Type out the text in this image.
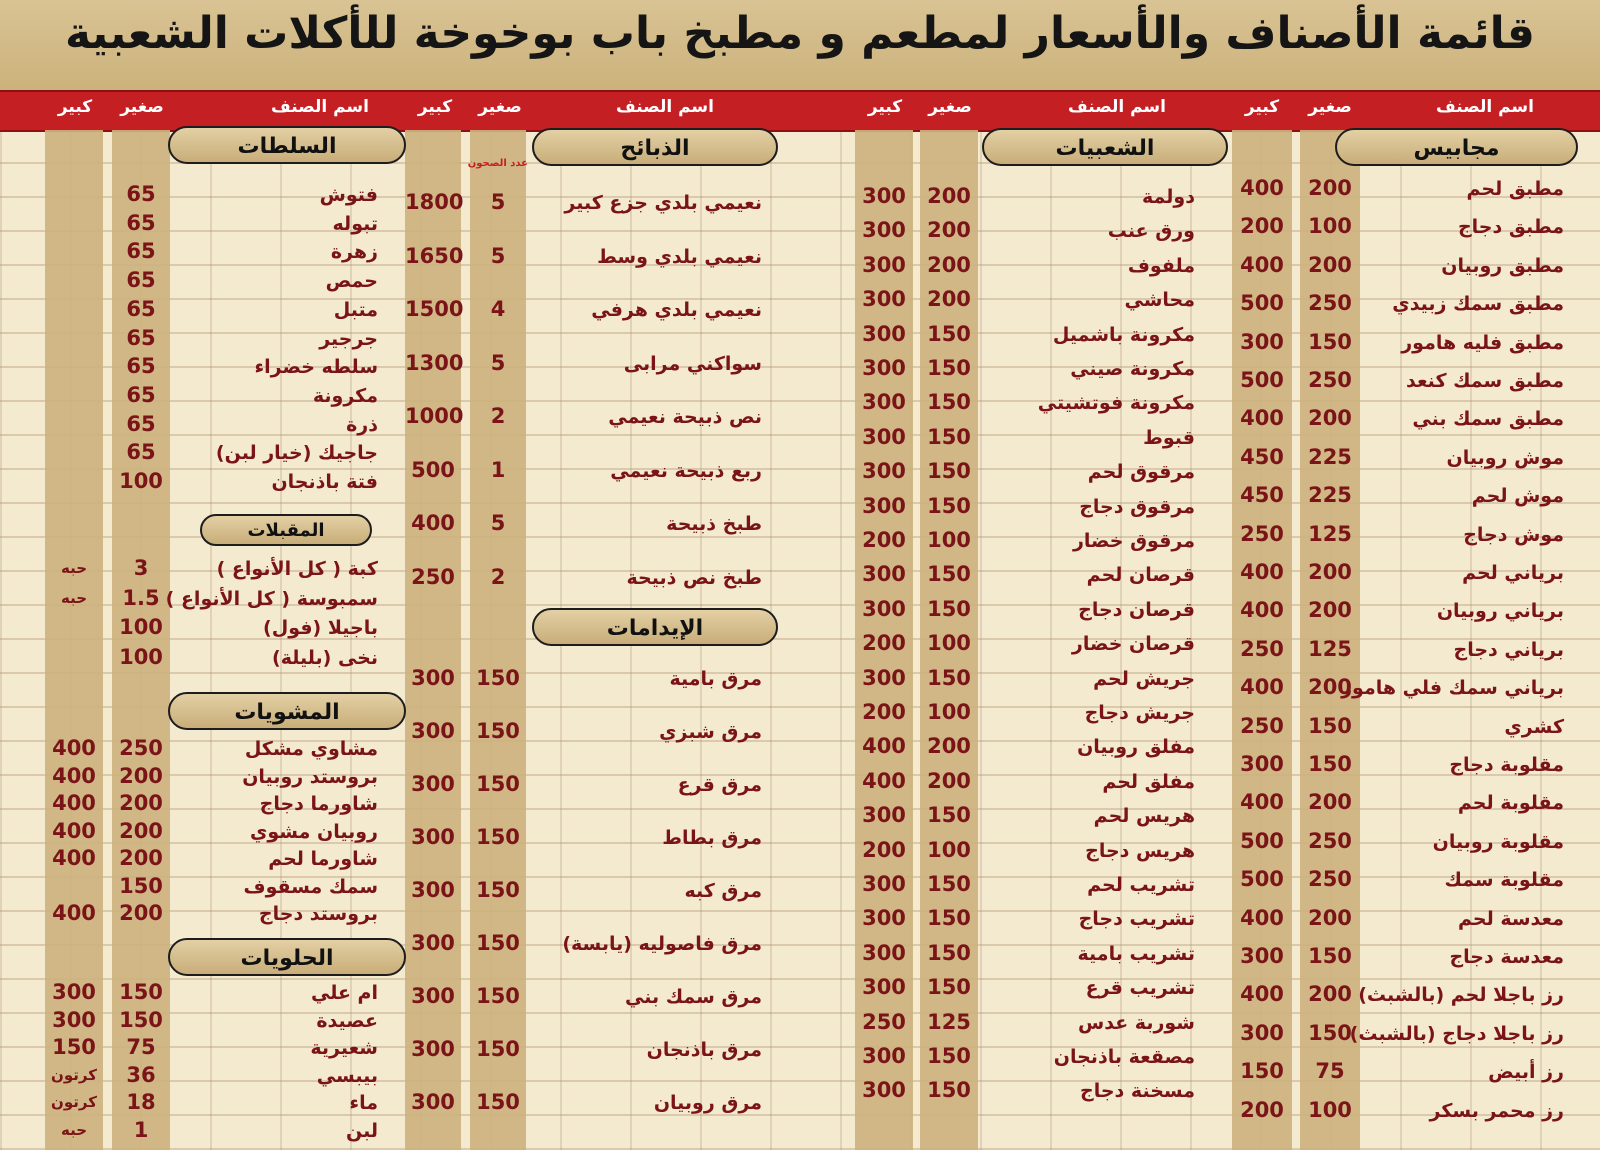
قائمة الأصناف والأسعار لمطعم و مطبخ باب بوخوخة للأكلات الشعبية
اسم الصنف
صغير
كبير
اسم الصنف
صغير
كبير
اسم الصنف
صغير
كبير
اسم الصنف
صغير
كبير
مجابيس
الشعبيات
الذبائح
عدد الصحون
الإيدامات
السلطات
المقبلات
المشويات
الحلويات
مطبق لحم
200
400
مطبق دجاج
100
200
مطبق روبيان
200
400
مطبق سمك زبيدي
250
500
مطبق فليه هامور
150
300
مطبق سمك كنعد
250
500
مطبق سمك بني
200
400
موش روبيان
225
450
موش لحم
225
450
موش دجاج
125
250
برياني لحم
200
400
برياني روبيان
200
400
برياني دجاج
125
250
برياني سمك فلي هامور
200
400
كشري
150
250
مقلوبة دجاج
150
300
مقلوبة لحم
200
400
مقلوبة روبيان
250
500
مقلوبة سمك
250
500
معدسة لحم
200
400
معدسة دجاج
150
300
رز باجلا لحم (بالشبث)
200
400
رز باجلا دجاج (بالشبث)
150
300
رز أبيض
75
150
رز محمر بسكر
100
200
دولمة
200
300
ورق عنب
200
300
ملفوف
200
300
محاشي
200
300
مكرونة باشميل
150
300
مكرونة صيني
150
300
مكرونة فوتشيتي
150
300
قبوط
150
300
مرقوق لحم
150
300
مرقوق دجاج
150
300
مرقوق خضار
100
200
قرصان لحم
150
300
قرصان دجاج
150
300
قرصان خضار
100
200
جريش لحم
150
300
جريش دجاج
100
200
مفلق روبيان
200
400
مفلق لحم
200
400
هريس لحم
150
300
هريس دجاج
100
200
تشريب لحم
150
300
تشريب دجاج
150
300
تشريب بامية
150
300
تشريب قرع
150
300
شوربة عدس
125
250
مصقعة باذنجان
150
300
مسخنة دجاج
150
300
نعيمي بلدي جزع كبير
5
1800
نعيمي بلدي وسط
5
1650
نعيمي بلدي هرفي
4
1500
سواكني مرابى
5
1300
نص ذبيحة نعيمي
2
1000
ربع ذبيحة نعيمي
1
500
طبخ ذبيحة
5
400
طبخ نص ذبيحة
2
250
مرق بامية
150
300
مرق شبزي
150
300
مرق قرع
150
300
مرق بطاط
150
300
مرق كبه
150
300
مرق فاصوليه (يابسة)
150
300
مرق سمك بني
150
300
مرق باذنجان
150
300
مرق روبيان
150
300
فتوش
65
تبوله
65
زهرة
65
حمص
65
متبل
65
جرجير
65
سلطه خضراء
65
مكرونة
65
ذرة
65
جاجيك (خيار لبن)
65
فتة باذنجان
100
كبة ( كل الأنواع )
3
حبه
سمبوسة ( كل الأنواع )
1.5
حبه
باجيلا (فول)
100
نخى (بليلة)
100
مشاوي مشكل
250
400
بروستد روبيان
200
400
شاورما دجاج
200
400
روبيان مشوي
200
400
شاورما لحم
200
400
سمك مسقوف
150
بروستد دجاج
200
400
ام علي
150
300
عصيدة
150
300
شعيرية
75
150
بيبسي
36
كرتون
ماء
18
كرتون
لبن
1
حبه
